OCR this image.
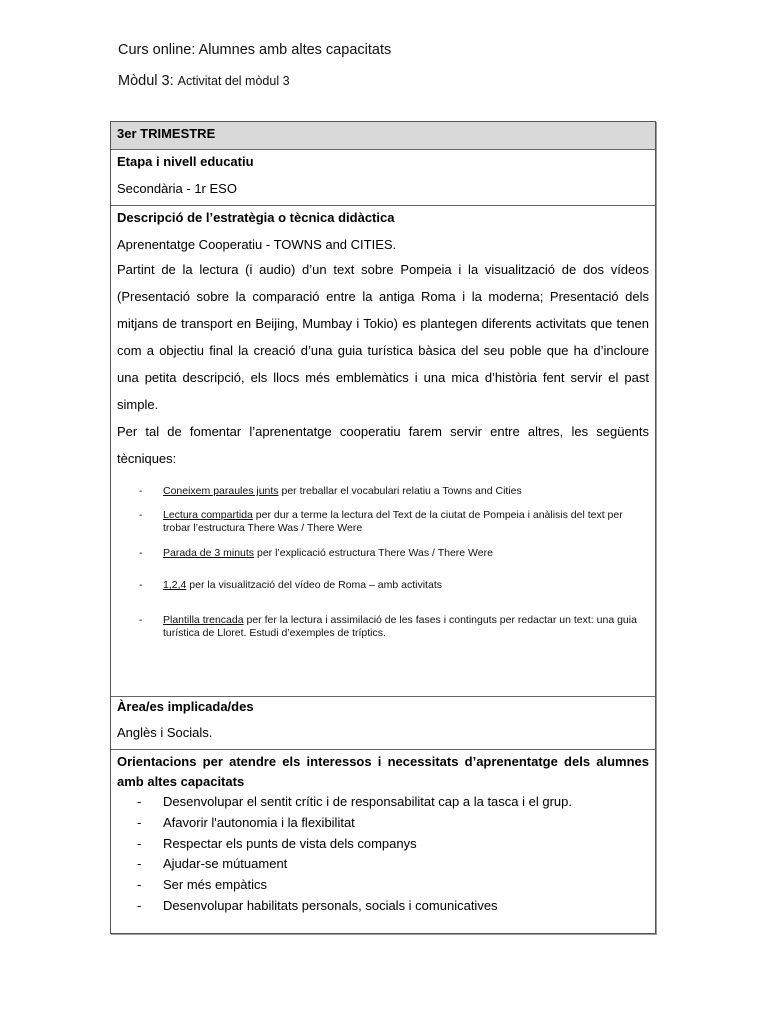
Curs online: Alumnes amb altes capacitats
Mòdul 3: Activitat del mòdul 3

3er TRIMESTRE

Etapa i nivell educatiu

Secondària - 1r ESO

Descripció de l’estratègia o tècnica didàctica

Aprenentatge Cooperatiu - TOWNS and CITIES.

Partint de la lectura (i audio) d’un text sobre Pompeia i la visualització de dos vídeos (Presentació sobre la comparació entre la antiga Roma i la moderna; Presentació dels mitjans de transport en Beijing, Mumbay i Tokio) es plantegen diferents activitats que tenen com a objectiu final la creació d’una guia turística bàsica del seu poble que ha d’incloure una petita descripció, els llocs més emblemàtics i una mica d’història fent servir el past simple.

Per tal de fomentar l’aprenentatge cooperatiu farem servir entre altres, les següents tècniques:

- Coneixem paraules junts per treballar el vocabulari relatiu a Towns and Cities
- Lectura compartida per dur a terme la lectura del Text de la ciutat de Pompeia i anàlisis del text per trobar l’estructura There Was / There Were
- Parada de 3 minuts per l’explicació estructura There Was / There Were
- 1,2,4 per la visualització del vídeo de Roma – amb activitats
- Plantilla trencada per fer la lectura i assimilació de les fases i continguts per redactar un text: una guia turística de Lloret. Estudi d’exemples de tríptics.

Àrea/es implicada/des

Anglès i Socials.

Orientacions per atendre els interessos i necessitats d’aprenentatge dels alumnes amb altes capacitats

- Desenvolupar el sentit crític i de responsabilitat cap a la tasca i el grup.
- Afavorir l'autonomia i la flexibilitat
- Respectar els punts de vista dels companys
- Ajudar-se mútuament
- Ser més empàtics
- Desenvolupar habilitats personals, socials i comunicatives
